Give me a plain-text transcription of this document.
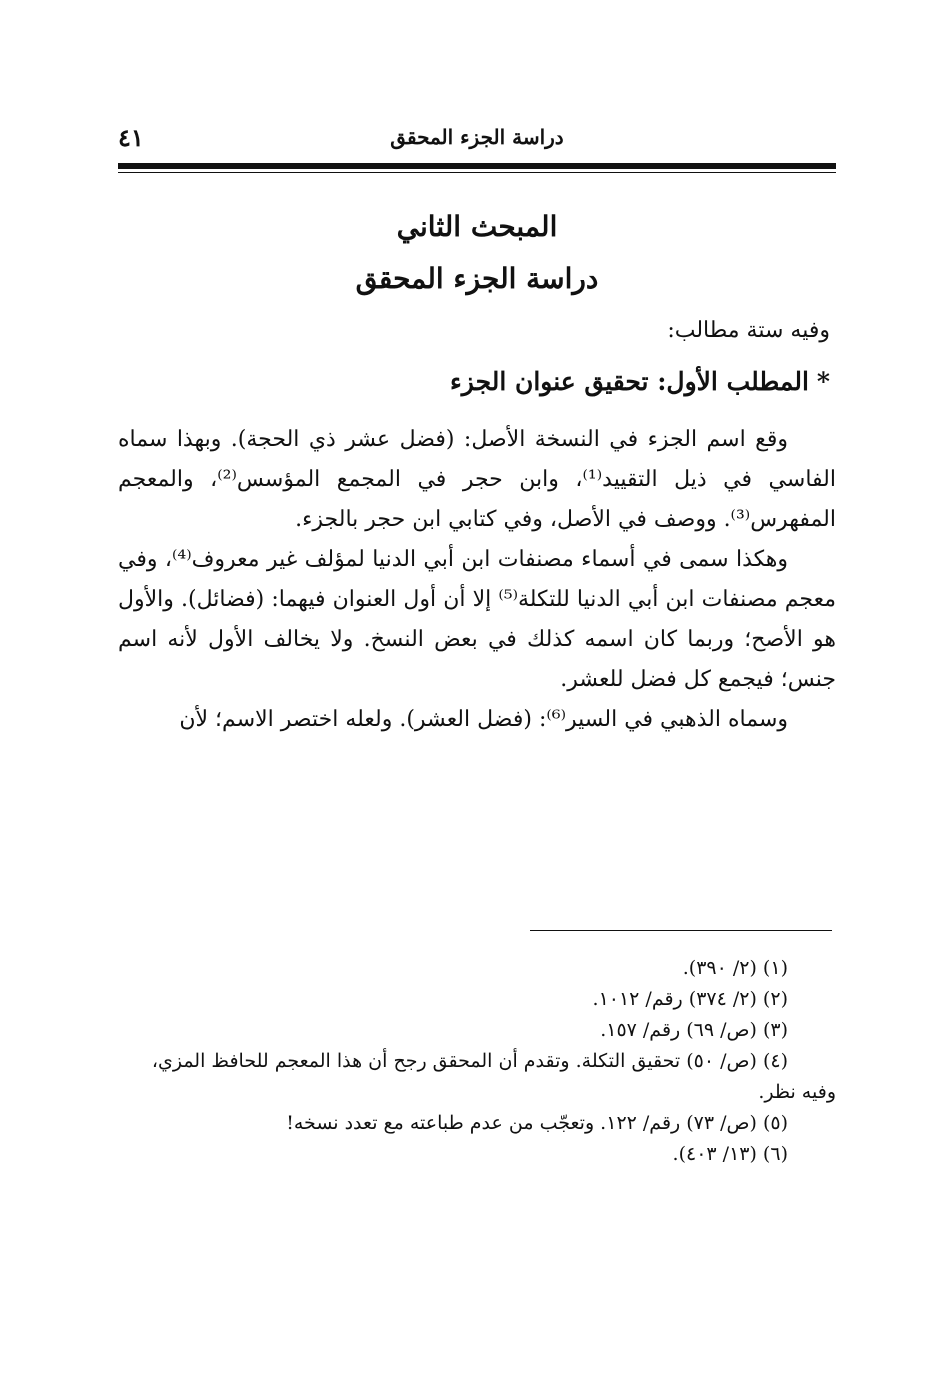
دراسة الجزء المحقق
٤١
المبحث الثاني
دراسة الجزء المحقق
وفيه ستة مطالب:
*المطلب الأول: تحقيق عنوان الجزء

وقع اسم الجزء في النسخة الأصل: (فضل عشر ذي الحجة). وبهذا سماه الفاسي في ذيل التقييد⁽¹⁾، وابن حجر في المجمع المؤسس⁽²⁾، والمعجم المفهرس⁽³⁾. ووصف في الأصل، وفي كتابي ابن حجر بالجزء.

وهكذا سمى في أسماء مصنفات ابن أبي الدنيا لمؤلف غير معروف⁽⁴⁾، وفي معجم مصنفات ابن أبي الدنيا للتكلة⁽⁵⁾ إلا أن أول العنوان فيهما: (فضائل). والأول هو الأصح؛ وربما كان اسمه كذلك في بعض النسخ. ولا يخالف الأول لأنه اسم جنس؛ فيجمع كل فضل للعشر.

وسماه الذهبي في السير⁽⁶⁾: (فضل العشر). ولعله اختصر الاسم؛ لأن

(١) (٢/ ٣٩٠).

(٢) (٢/ ٣٧٤) رقم/ ١٠١٢.

(٣) (ص/ ٦٩) رقم/ ١٥٧.

(٤) (ص/ ٥٠) تحقيق التكلة. وتقدم أن المحقق رجح أن هذا المعجم للحافظ المزي، وفيه نظر.

(٥) (ص/ ٧٣) رقم/ ١٢٢. وتعجّب من عدم طباعته مع تعدد نسخه!

(٦) (١٣/ ٤٠٣).
